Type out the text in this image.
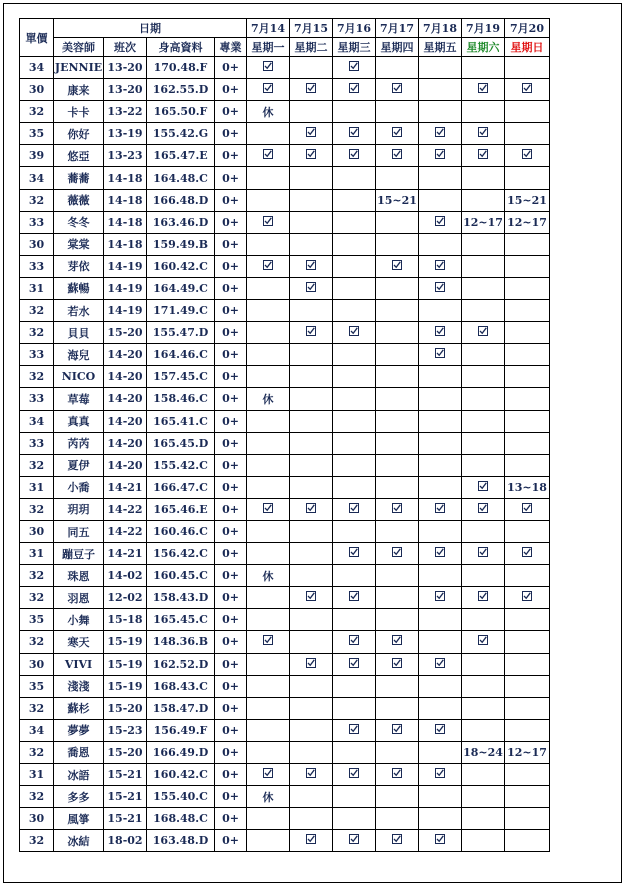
單價	日期				7月14	7月15	7月16	7月17	7月18	7月19	7月20
	美容師	班次	身高資料	專業	星期一	星期二	星期三	星期四	星期五	星期六	星期日
34	JENNIE	13-20	170.48.F	0+	

30	康来	13-20	162.55.D	0+	

32	卡卡	13-22	165.50.F	0+	休						
35	你好	13-19	155.42.G	0+		

39	悠亞	13-23	165.47.E	0+	

34	蕎蕎	14-18	164.48.C	0+							
32	薇薇	14-18	166.48.D	0+				15~21			15~21
33	冬冬	14-18	163.46.D	0+						12~17	12~17
30	棠棠	14-18	159.49.B	0+							
33	芽依	14-19	160.42.C	0+	

31	蘇暢	14-19	164.49.C	0+		

32	若水	14-19	171.49.C	0+							
32	貝貝	15-20	155.47.D	0+		

33	海兒	14-20	164.46.C	0+					

32	NICO	14-20	157.45.C	0+							
33	草莓	14-20	158.46.C	0+	休						
34	真真	14-20	165.41.C	0+							
33	芮芮	14-20	165.45.D	0+							
32	夏伊	14-20	155.42.C	0+							
31	小喬	14-21	166.47.C	0+							13~18
32	玥玥	14-22	165.46.E	0+	

30	同五	14-22	160.46.C	0+							
31	蹦豆子	14-21	156.42.C	0+			

32	珠恩	14-02	160.45.C	0+	休						
32	羽恩	12-02	158.43.D	0+		

35	小舞	15-18	165.45.C	0+							
32	寒天	15-19	148.36.B	0+	

30	VIVI	15-19	162.52.D	0+		

35	淺淺	15-19	168.43.C	0+							
32	蘇杉	15-20	158.47.D	0+							
34	夢夢	15-23	156.49.F	0+			

32	喬恩	15-20	166.49.D	0+						18~24	12~17
31	冰語	15-21	160.42.C	0+	

32	多多	15-21	155.40.C	0+	休						
30	風箏	15-21	168.48.C	0+							
32	冰結	18-02	163.48.D	0+		
